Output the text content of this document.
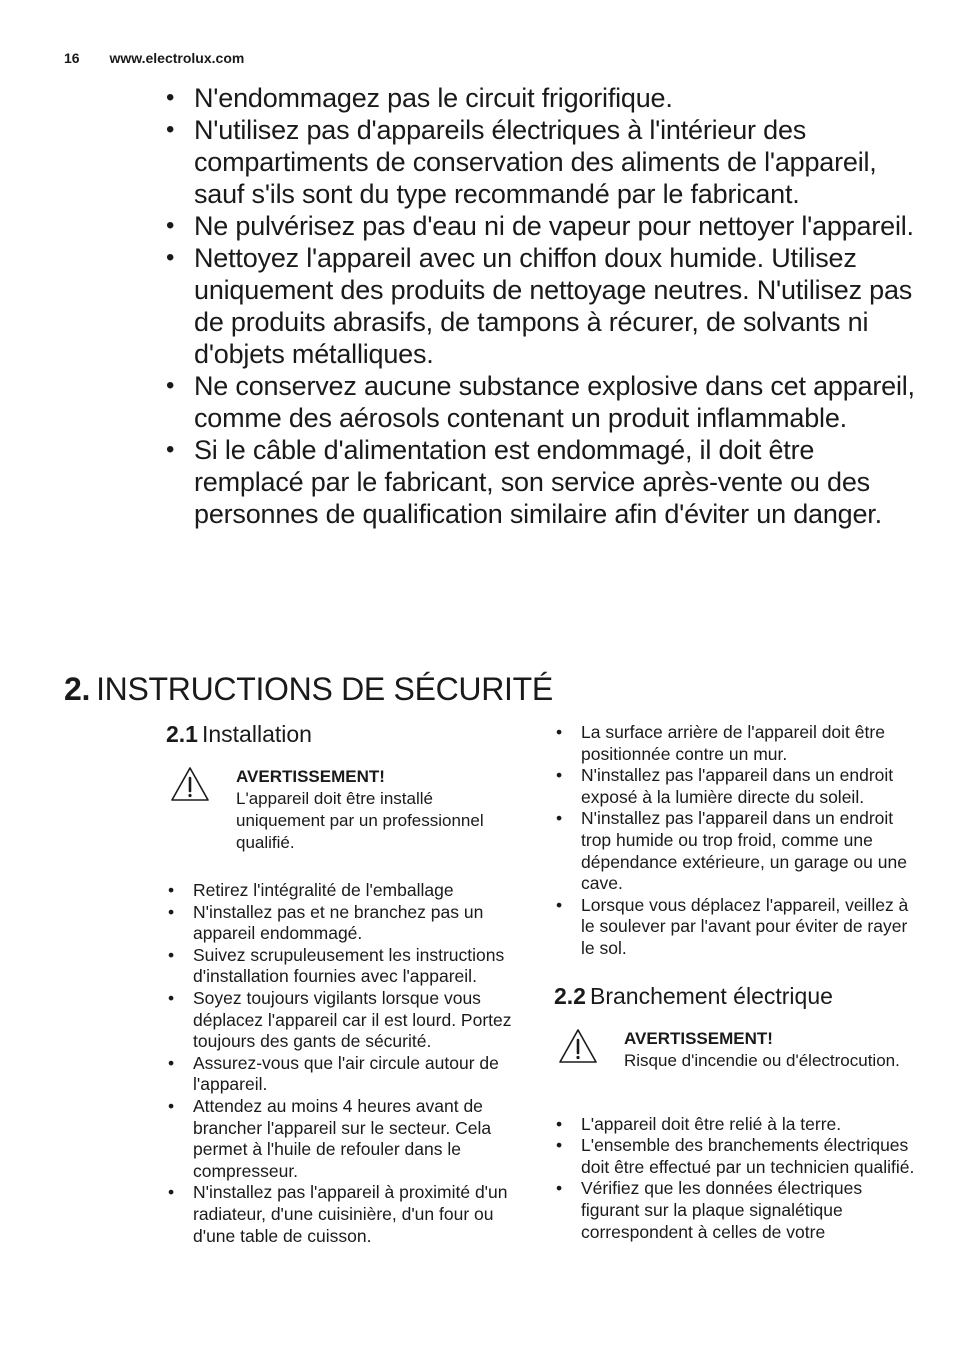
16 www.electrolux.com
• N'endommagez pas le circuit frigorifique.
• N'utilisez pas d'appareils électriques à l'intérieur des compartiments de conservation des aliments de l'appareil, sauf s'ils sont du type recommandé par le fabricant.
• Ne pulvérisez pas d'eau ni de vapeur pour nettoyer l'appareil.
• Nettoyez l'appareil avec un chiffon doux humide. Utilisez uniquement des produits de nettoyage neutres. N'utilisez pas de produits abrasifs, de tampons à récurer, de solvants ni d'objets métalliques.
• Ne conservez aucune substance explosive dans cet appareil, comme des aérosols contenant un produit inflammable.
• Si le câble d'alimentation est endommagé, il doit être remplacé par le fabricant, son service après-vente ou des personnes de qualification similaire afin d'éviter un danger.
2. INSTRUCTIONS DE SÉCURITÉ
2.1 Installation
AVERTISSEMENT!
L'appareil doit être installé uniquement par un professionnel qualifié.
• Retirez l'intégralité de l'emballage
• N'installez pas et ne branchez pas un appareil endommagé.
• Suivez scrupuleusement les instructions d'installation fournies avec l'appareil.
• Soyez toujours vigilants lorsque vous déplacez l'appareil car il est lourd. Portez toujours des gants de sécurité.
• Assurez-vous que l'air circule autour de l'appareil.
• Attendez au moins 4 heures avant de brancher l'appareil sur le secteur. Cela permet à l'huile de refouler dans le compresseur.
• N'installez pas l'appareil à proximité d'un radiateur, d'une cuisinière, d'un four ou d'une table de cuisson.
• La surface arrière de l'appareil doit être positionnée contre un mur.
• N'installez pas l'appareil dans un endroit exposé à la lumière directe du soleil.
• N'installez pas l'appareil dans un endroit trop humide ou trop froid, comme une dépendance extérieure, un garage ou une cave.
• Lorsque vous déplacez l'appareil, veillez à le soulever par l'avant pour éviter de rayer le sol.
2.2 Branchement électrique
AVERTISSEMENT!
Risque d'incendie ou d'électrocution.
• L'appareil doit être relié à la terre.
• L'ensemble des branchements électriques doit être effectué par un technicien qualifié.
• Vérifiez que les données électriques figurant sur la plaque signalétique correspondent à celles de votre
